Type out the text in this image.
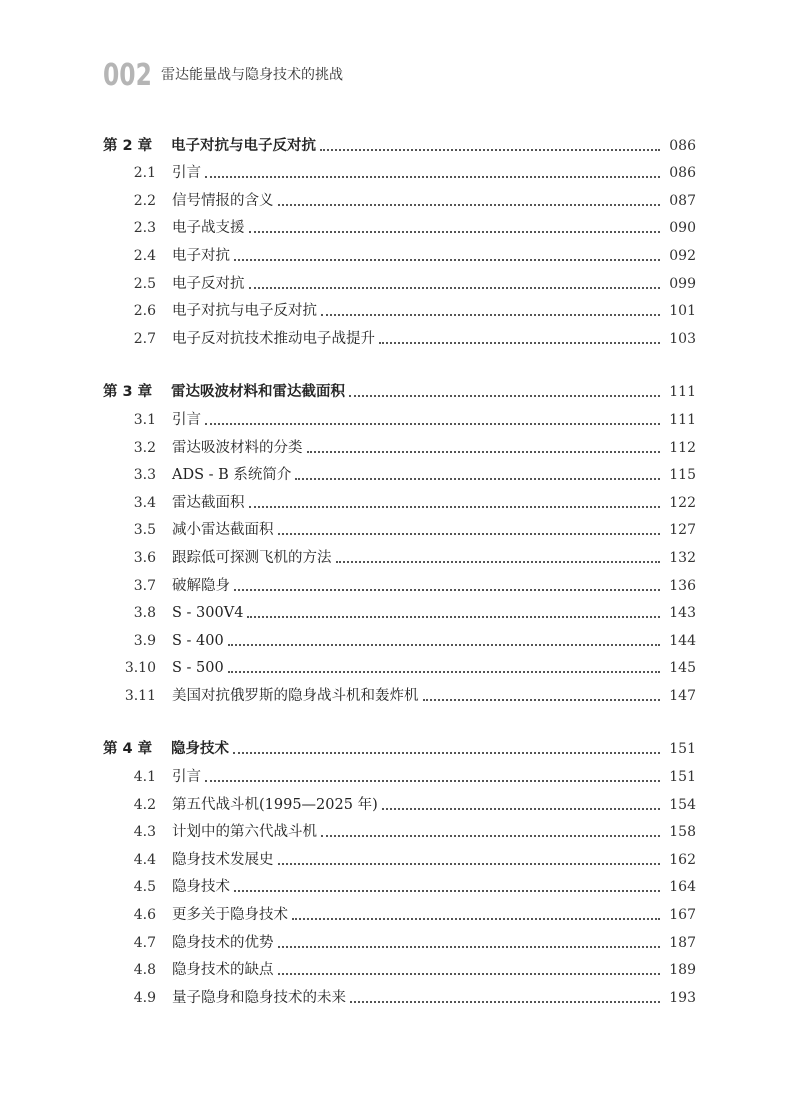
002 雷达能量战与隐身技术的挑战
第 2 章	电子对抗与电子反对抗	086
2.1	引言	086
2.2	信号情报的含义	087
2.3	电子战支援	090
2.4	电子对抗	092
2.5	电子反对抗	099
2.6	电子对抗与电子反对抗	101
2.7	电子反对抗技术推动电子战提升	103
第 3 章	雷达吸波材料和雷达截面积	111
3.1	引言	111
3.2	雷达吸波材料的分类	112
3.3	ADS - B 系统简介	115
3.4	雷达截面积	122
3.5	减小雷达截面积	127
3.6	跟踪低可探测飞机的方法	132
3.7	破解隐身	136
3.8	S - 300V4	143
3.9	S - 400	144
3.10	S - 500	145
3.11	美国对抗俄罗斯的隐身战斗机和轰炸机	147
第 4 章	隐身技术	151
4.1	引言	151
4.2	第五代战斗机(1995—2025 年)	154
4.3	计划中的第六代战斗机	158
4.4	隐身技术发展史	162
4.5	隐身技术	164
4.6	更多关于隐身技术	167
4.7	隐身技术的优势	187
4.8	隐身技术的缺点	189
4.9	量子隐身和隐身技术的未来	193
